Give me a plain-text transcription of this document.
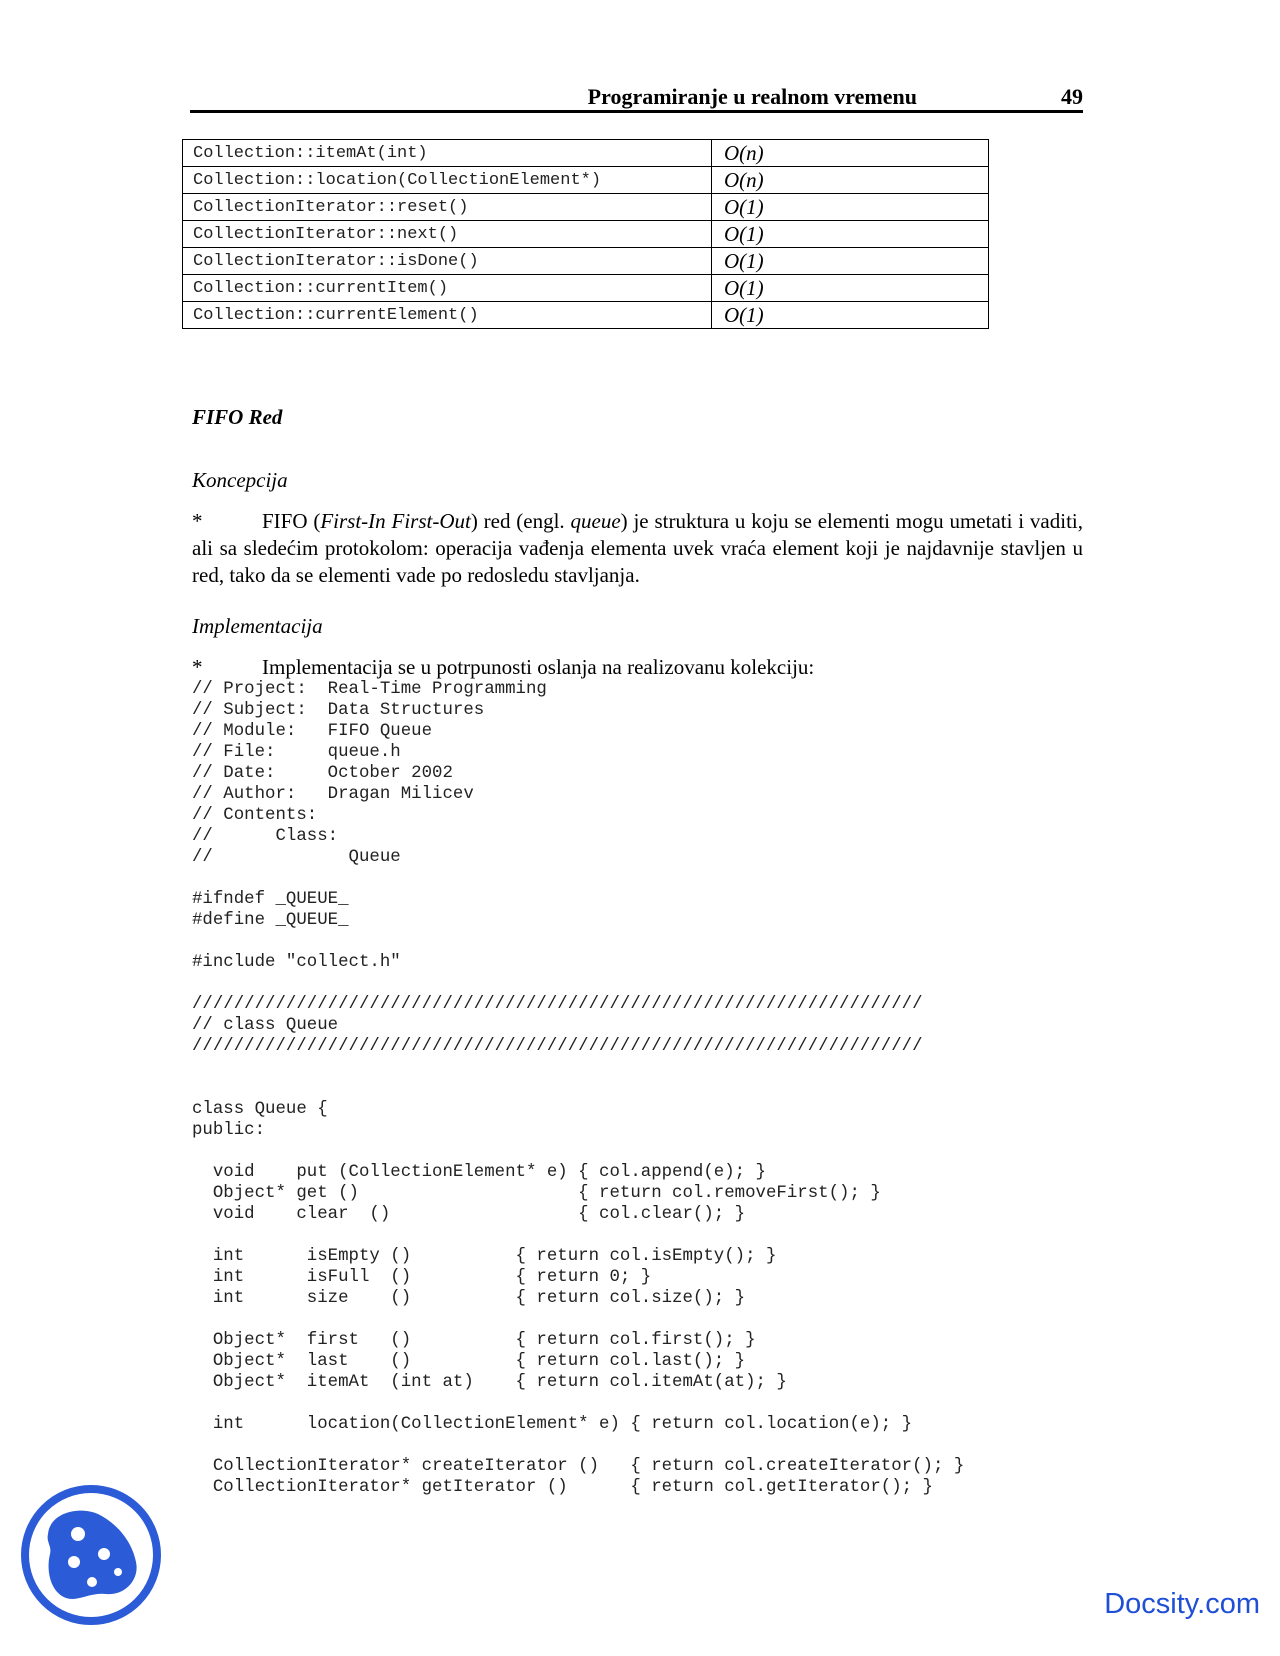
Programiranje u realnom vremenu	49
Collection::itemAt(int)	O(n)
Collection::location(CollectionElement*)	O(n)
CollectionIterator::reset()	O(1)
CollectionIterator::next()	O(1)
CollectionIterator::isDone()	O(1)
Collection::currentItem()	O(1)
Collection::currentElement()	O(1)
FIFO Red
Koncepcija
*	FIFO (First-In First-Out) red (engl. queue) je struktura u koju se elementi mogu umetati i vaditi, ali sa sledećim protokolom: operacija vađenja elementa uvek vraća element koji je najdavnije stavljen u red, tako da se elementi vade po redosledu stavljanja.
Implementacija
*	Implementacija se u potrpunosti oslanja na realizovanu kolekciju:
// Project:  Real-Time Programming
// Subject:  Data Structures
// Module:   FIFO Queue
// File:     queue.h
// Date:     October 2002
// Author:   Dragan Milicev
// Contents:
//      Class:
//             Queue

#ifndef _QUEUE_
#define _QUEUE_

#include "collect.h"

//////////////////////////////////////////////////////////////////////
// class Queue
//////////////////////////////////////////////////////////////////////

class Queue {
public:

void    put (CollectionElement* e) { col.append(e); }
Object* get ()                     { return col.removeFirst(); }
void    clear  ()                  { col.clear(); }

int      isEmpty ()          { return col.isEmpty(); }
int      isFull  ()          { return 0; }
int      size    ()          { return col.size(); }

Object*  first   ()          { return col.first(); }
Object*  last    ()          { return col.last(); }
Object*  itemAt  (int at)    { return col.itemAt(at); }

int      location(CollectionElement* e) { return col.location(e); }

CollectionIterator* createIterator ()   { return col.createIterator(); }
CollectionIterator* getIterator ()      { return col.getIterator(); }
Docsity.com
